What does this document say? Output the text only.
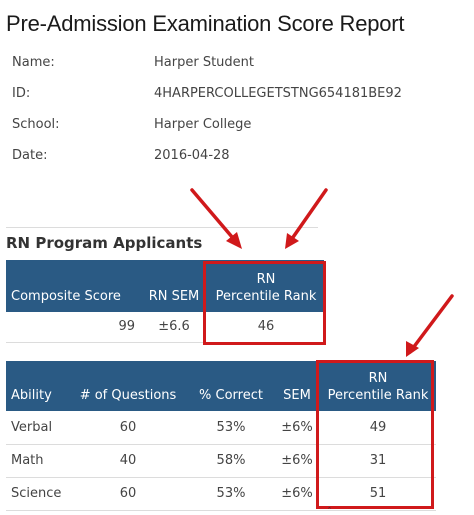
Pre-Admission Examination Score Report
Name:	Harper Student
ID:	4HARPERCOLLEGETSTNG654181BE92
School:	Harper College
Date:	2016-04-28
RN Program Applicants
Composite Score	RN SEM	RN
Percentile Rank
99	±6.6	46
Ability	# of Questions	% Correct	SEM	RN
Percentile Rank
Verbal	60	53%	±6%	49
Math	40	58%	±6%	31
Science	60	53%	±6%	51
ˆ
